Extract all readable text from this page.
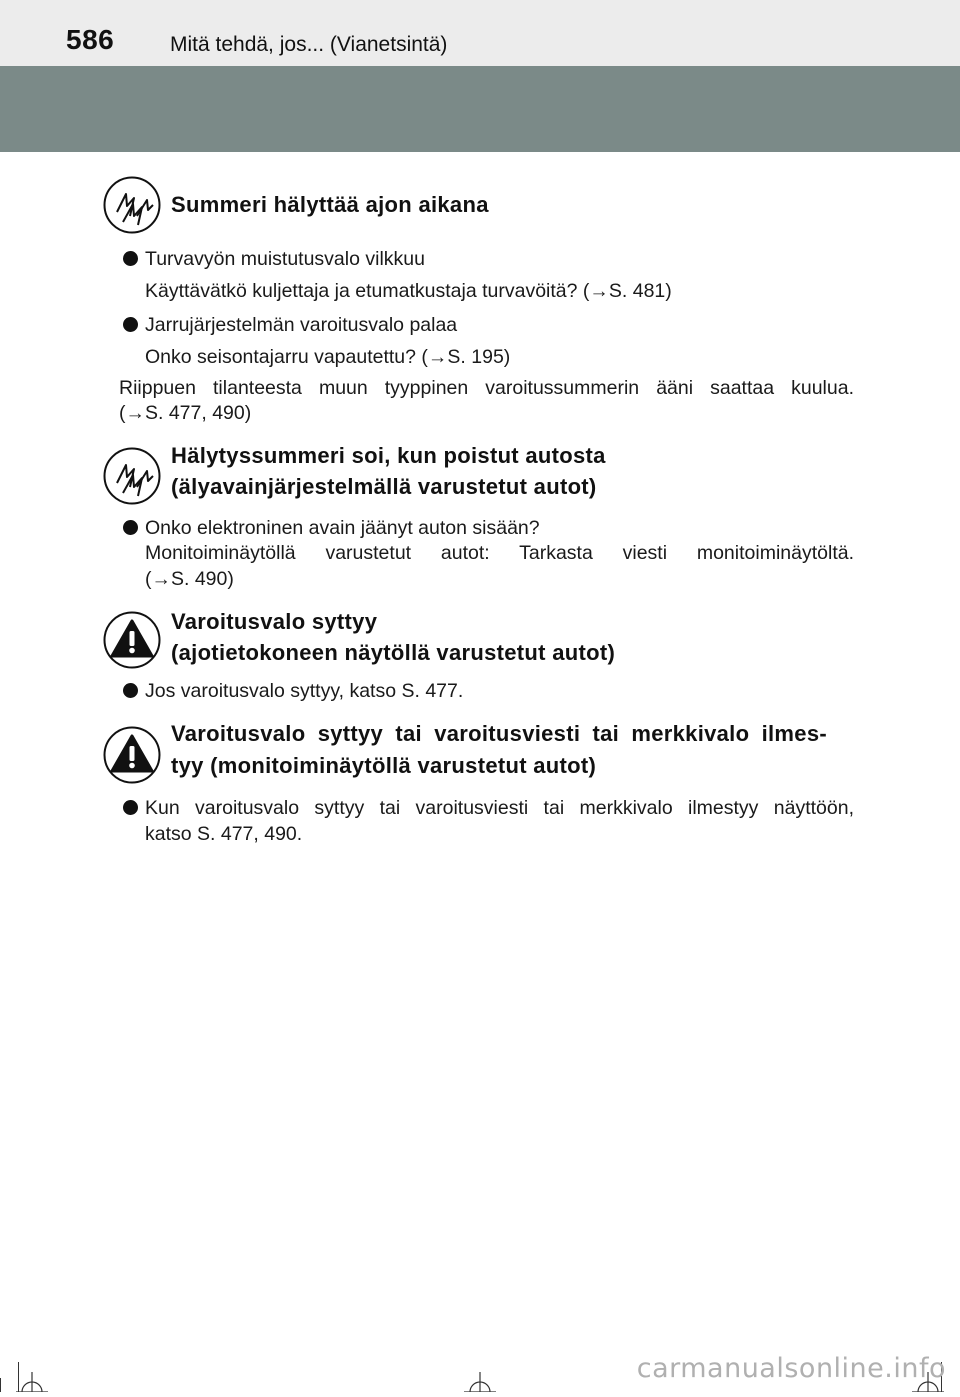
586	Mitä tehdä, jos... (Vianetsintä)
Summeri hälyttää ajon aikana
Turvavyön muistutusvalo vilkkuu
Käyttävätkö kuljettaja ja etumatkustaja turvavöitä? (→S. 481)
Jarrujärjestelmän varoitusvalo palaa
Onko seisontajarru vapautettu? (→S. 195)
Riippuen tilanteesta muun tyyppinen varoitussummerin ääni saattaa kuulua.
(→S. 477, 490)
Hälytyssummeri soi, kun poistut autosta
(älyavainjärjestelmällä varustetut autot)
Onko elektroninen avain jäänyt auton sisään?
Monitoiminäytöllä varustetut autot: Tarkasta viesti monitoiminäytöltä.
(→S. 490)
Varoitusvalo syttyy
(ajotietokoneen näytöllä varustetut autot)
Jos varoitusvalo syttyy, katso S. 477.
Varoitusvalo syttyy tai varoitusviesti tai merkkivalo ilmes-
tyy (monitoiminäytöllä varustetut autot)
Kun varoitusvalo syttyy tai varoitusviesti tai merkkivalo ilmestyy näyttöön,
katso S. 477, 490.
carmanualsonline.info
